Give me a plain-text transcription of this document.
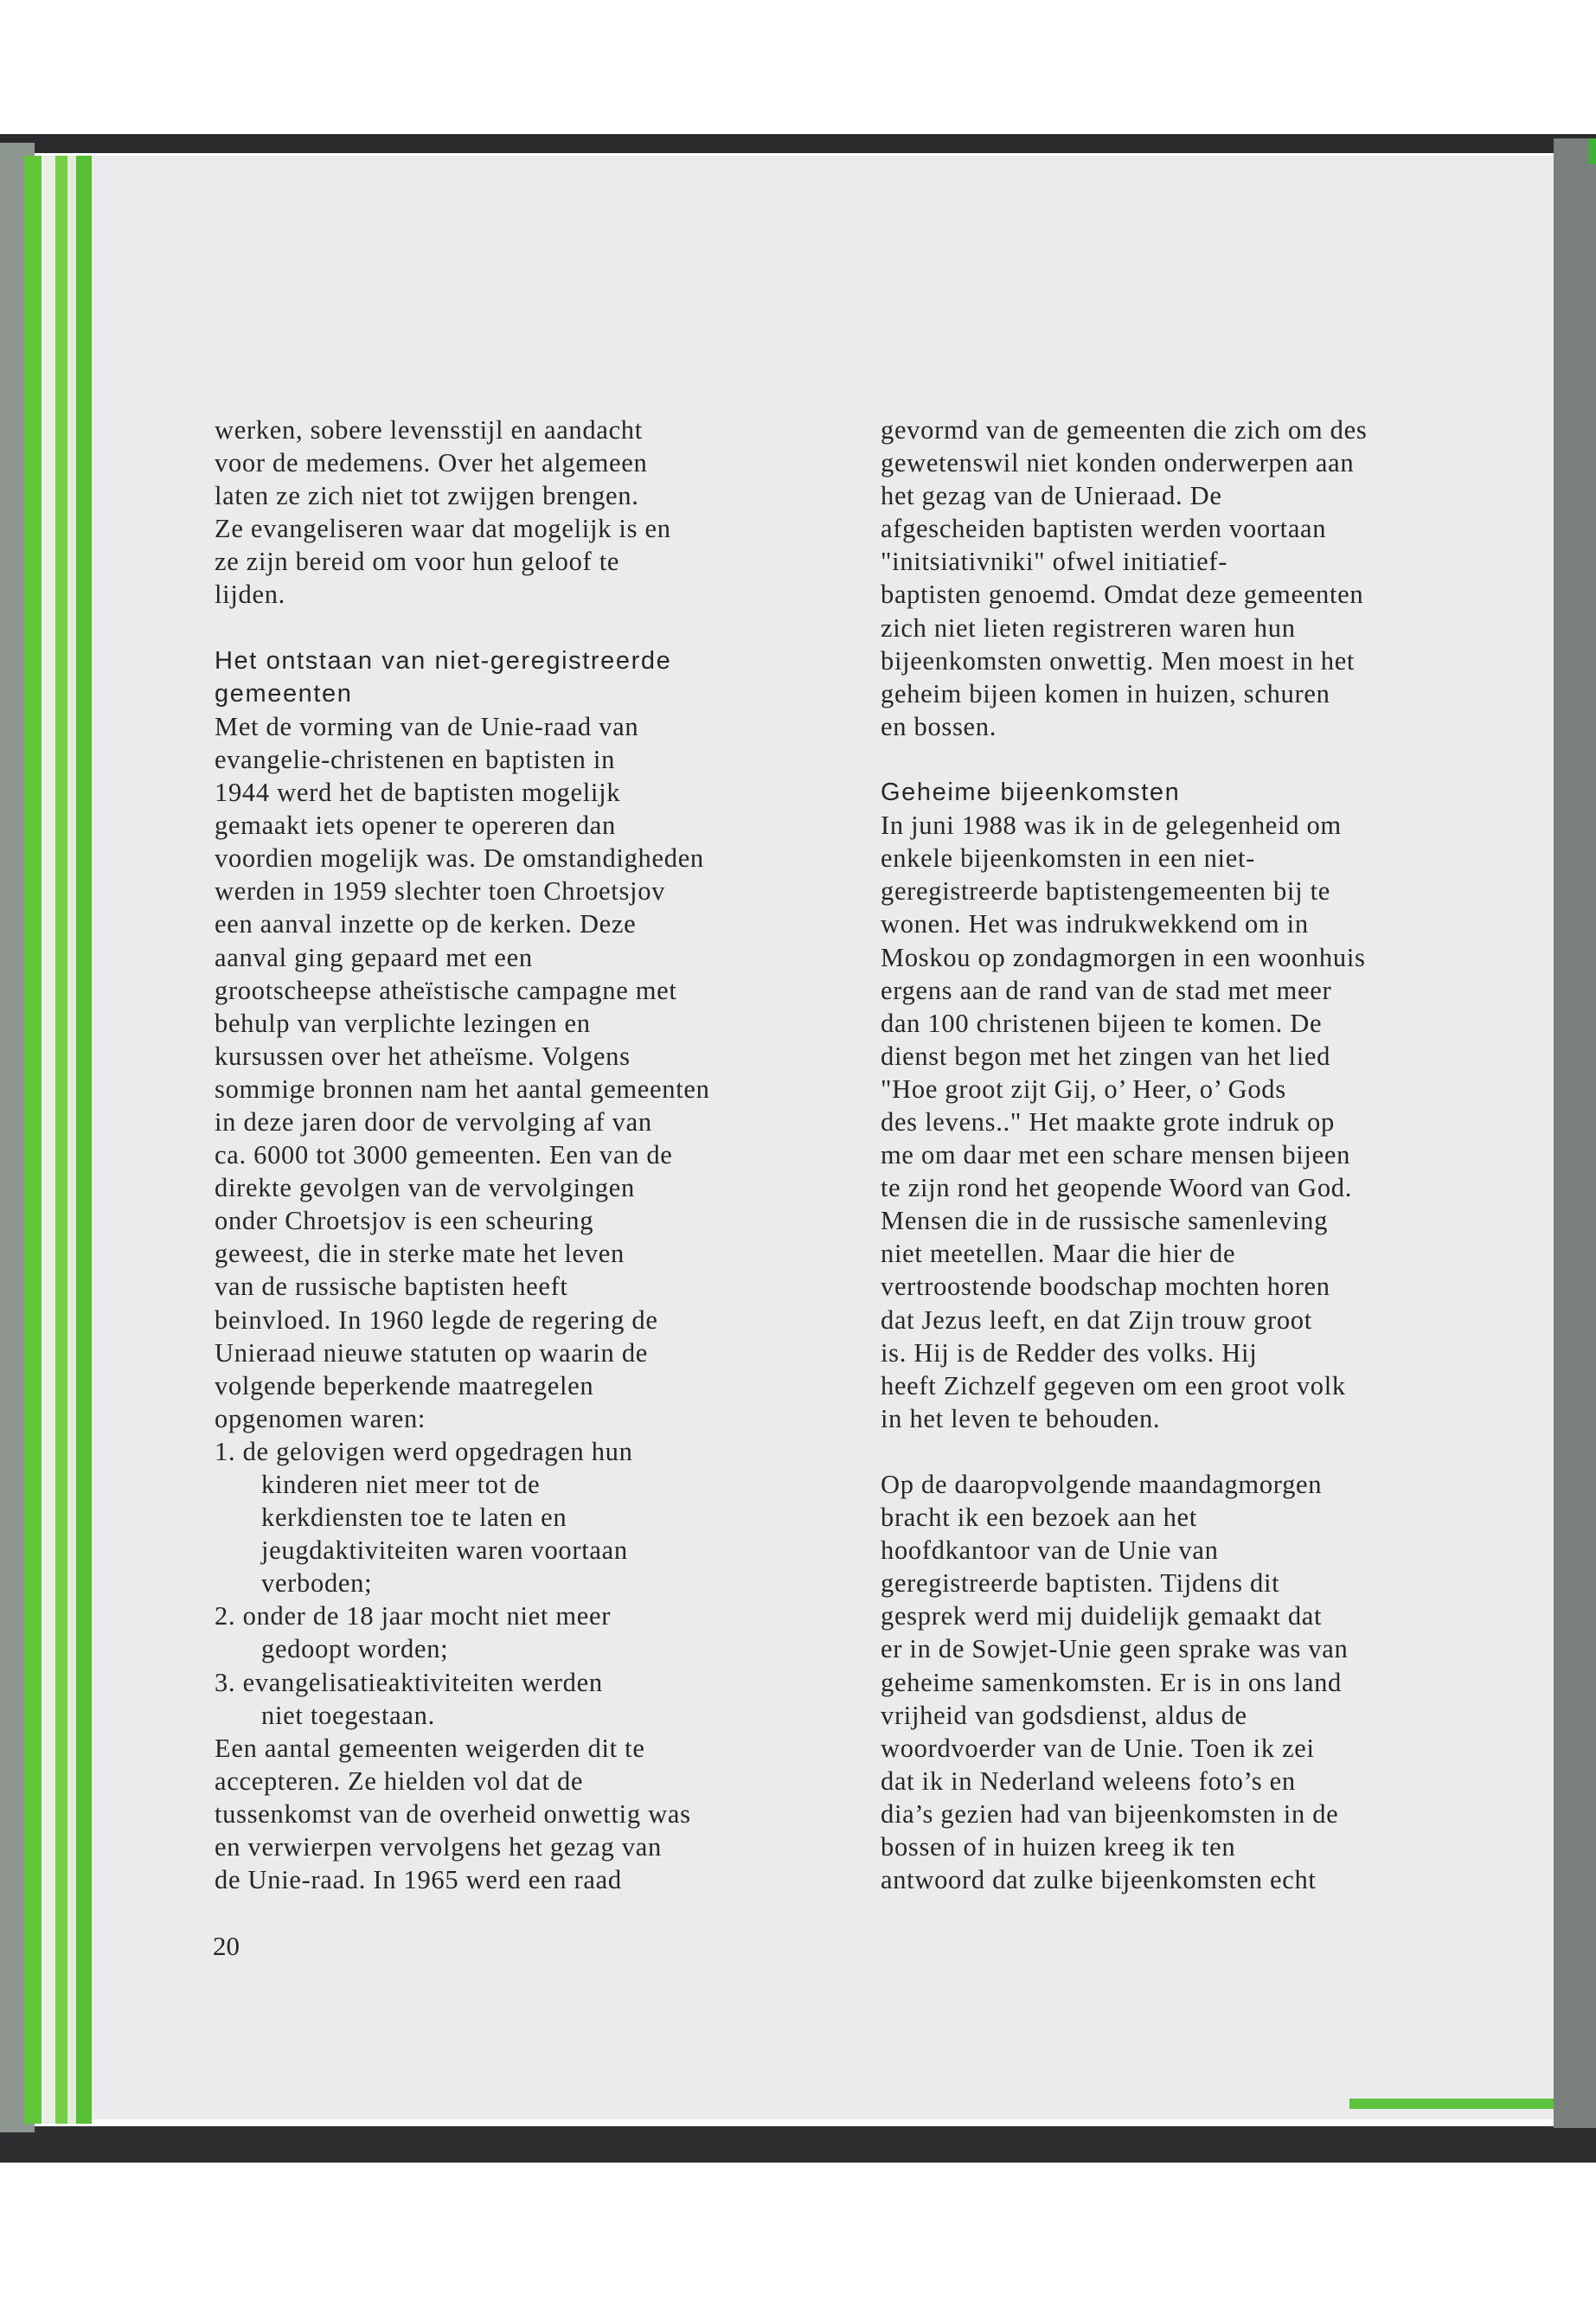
werken, sobere levensstijl en aandacht
voor de medemens. Over het algemeen
laten ze zich niet tot zwijgen brengen.
Ze evangeliseren waar dat mogelijk is en
ze zijn bereid om voor hun geloof te
lijden.
Het ontstaan van niet-geregistreerde
gemeenten
Met de vorming van de Unie-raad van
evangelie-christenen en baptisten in
1944 werd het de baptisten mogelijk
gemaakt iets opener te opereren dan
voordien mogelijk was. De omstandigheden
werden in 1959 slechter toen Chroetsjov
een aanval inzette op de kerken. Deze
aanval ging gepaard met een
grootscheepse atheïstische campagne met
behulp van verplichte lezingen en
kursussen over het atheïsme. Volgens
sommige bronnen nam het aantal gemeenten
in deze jaren door de vervolging af van
ca. 6000 tot 3000 gemeenten. Een van de
direkte gevolgen van de vervolgingen
onder Chroetsjov is een scheuring
geweest, die in sterke mate het leven
van de russische baptisten heeft
beinvloed. In 1960 legde de regering de
Unieraad nieuwe statuten op waarin de
volgende beperkende maatregelen
opgenomen waren:
1. de gelovigen werd opgedragen hun
kinderen niet meer tot de
kerkdiensten toe te laten en
jeugdaktiviteiten waren voortaan
verboden;
2. onder de 18 jaar mocht niet meer
gedoopt worden;
3. evangelisatieaktiviteiten werden
niet toegestaan.
Een aantal gemeenten weigerden dit te
accepteren. Ze hielden vol dat de
tussenkomst van de overheid onwettig was
en verwierpen vervolgens het gezag van
de Unie-raad. In 1965 werd een raad
gevormd van de gemeenten die zich om des
gewetenswil niet konden onderwerpen aan
het gezag van de Unieraad. De
afgescheiden baptisten werden voortaan
"initsiativniki" ofwel initiatief-
baptisten genoemd. Omdat deze gemeenten
zich niet lieten registreren waren hun
bijeenkomsten onwettig. Men moest in het
geheim bijeen komen in huizen, schuren
en bossen.
Geheime bijeenkomsten
In juni 1988 was ik in de gelegenheid om
enkele bijeenkomsten in een niet-
geregistreerde baptistengemeenten bij te
wonen. Het was indrukwekkend om in
Moskou op zondagmorgen in een woonhuis
ergens aan de rand van de stad met meer
dan 100 christenen bijeen te komen. De
dienst begon met het zingen van het lied
"Hoe groot zijt Gij, o’ Heer, o’ Gods
des levens.." Het maakte grote indruk op
me om daar met een schare mensen bijeen
te zijn rond het geopende Woord van God.
Mensen die in de russische samenleving
niet meetellen. Maar die hier de
vertroostende boodschap mochten horen
dat Jezus leeft, en dat Zijn trouw groot
is. Hij is de Redder des volks. Hij
heeft Zichzelf gegeven om een groot volk
in het leven te behouden.
Op de daaropvolgende maandagmorgen
bracht ik een bezoek aan het
hoofdkantoor van de Unie van
geregistreerde baptisten. Tijdens dit
gesprek werd mij duidelijk gemaakt dat
er in de Sowjet-Unie geen sprake was van
geheime samenkomsten. Er is in ons land
vrijheid van godsdienst, aldus de
woordvoerder van de Unie. Toen ik zei
dat ik in Nederland weleens foto’s en
dia’s gezien had van bijeenkomsten in de
bossen of in huizen kreeg ik ten
antwoord dat zulke bijeenkomsten echt
20
